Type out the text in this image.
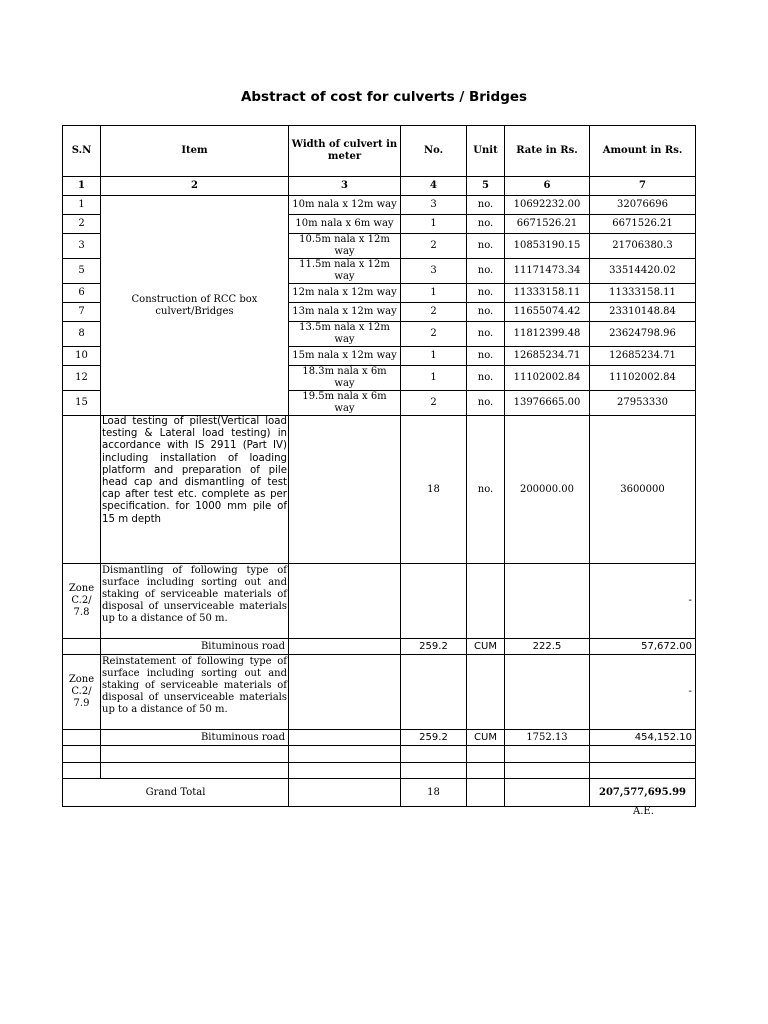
Abstract of cost for culverts / Bridges
S.N	Item	Width of culvert in meter	No.	Unit	Rate in Rs.	Amount in Rs.
1	2	3	4	5	6	7
1	Construction of RCC box culvert/Bridges	10m nala x 12m way	3	no.	10692232.00	32076696
2		10m nala x 6m way	1	no.	6671526.21	6671526.21
3		10.5m nala x 12m way	2	no.	10853190.15	21706380.3
5		11.5m nala x 12m way	3	no.	11171473.34	33514420.02
6		12m nala x 12m way	1	no.	11333158.11	11333158.11
7		13m nala x 12m way	2	no.	11655074.42	23310148.84
8		13.5m nala x 12m way	2	no.	11812399.48	23624798.96
10		15m nala x 12m way	1	no.	12685234.71	12685234.71
12		18.3m nala x 6m way	1	no.	11102002.84	11102002.84
15		19.5m nala x 6m way	2	no.	13976665.00	27953330

	Load testing of pilest(Vertical load testing & Lateral load testing) in accordance with IS 2911 (Part IV) including installation of loading platform and preparation of pile head cap and dismantling of test cap after test etc. complete as per specification. for 1000 mm pile of 15 m depth		18	no.	200000.00	3600000
Zone C.2/ 7.8	Dismantling of following type of surface including sorting out and staking of serviceable materials of disposal of unserviceable materials up to a distance of 50 m.					-
	Bituminous road		259.2	CUM	222.5	57,672.00
Zone C.2/ 7.9	Reinstatement of following type of surface including sorting out and staking of serviceable materials of disposal of unserviceable materials up to a distance of 50 m.					-
	Bituminous road		259.2	CUM	1752.13	454,152.10

Grand Total			18			207,577,695.99
A.E.
